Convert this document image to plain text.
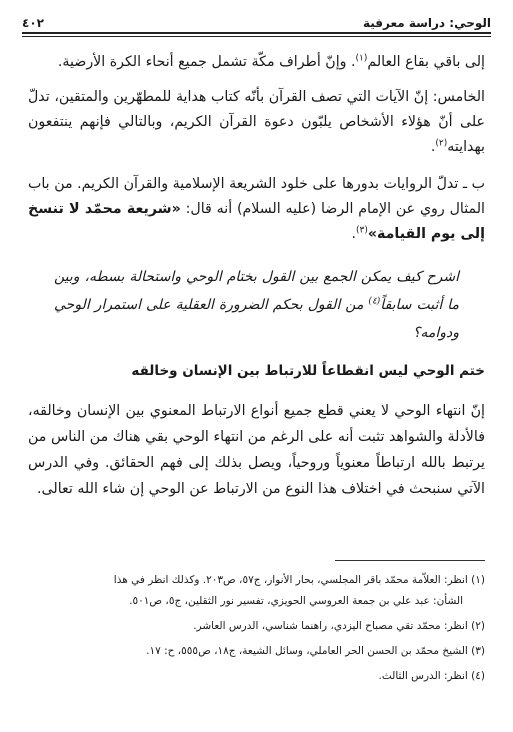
الوحي: دراسة معرفية
٤٠٢

إلى باقي بقاع العالم$^{(١)}$. وإنّ أطراف مكّة تشمل جميع أنحاء الكرة الأرضية.

الخامس: إنّ الآيات التي تصف القرآن بأنّه كتاب هداية للمطهّرين والمتقين، تدلّ على أنّ هؤلاء الأشخاص يلبّون دعوة القرآن الكريم، وبالتالي فإنهم ينتفعون بهدايته$^{(٢)}$.

ب ـ تدلّ الروايات بدورها على خلود الشريعة الإسلامية والقرآن الكريم. من باب المثال روي عن الإمام الرضا (عليه السلام) أنه قال: «شريعة محمّد لا تنسخ إلى يوم القيامة»$^{(٣)}$.

اشرح كيف يمكن الجمع بين القول بختام الوحي واستحالة بسطه، وبين ما أثبت سابقاً$^{(٤)}$ من القول بحكم الضرورة العقلية على استمرار الوحي ودوامه؟

ختم الوحي ليس انقطاعاً للارتباط بين الإنسان وخالقه

إنّ انتهاء الوحي لا يعني قطع جميع أنواع الارتباط المعنوي بين الإنسان وخالقه، فالأدلة والشواهد تثبت أنه على الرغم من انتهاء الوحي بقي هناك من الناس من يرتبط بالله ارتباطاً معنوياً وروحياً، ويصل بذلك إلى فهم الحقائق. وفي الدرس الآتي سنبحث في اختلاف هذا النوع من الارتباط عن الوحي إن شاء الله تعالى.

(١) انظر: العلاّمة محمّد باقر المجلسي، بحار الأنوار، ج٥٧، ص٢٠٣. وكذلك انظر في هذا
الشأن: عبد علي بن جمعة العروسي الحويزي، تفسير نور الثقلين، ج٥، ص٥٠١.
(٢) انظر: محمّد تقي مصباح اليزدي، راهنما شناسي، الدرس العاشر.
(٣) الشيخ محمّد بن الحسن الحر العاملي، وسائل الشيعة، ج١٨، ص٥٥٥، ح: ١٧.
(٤) انظر: الدرس الثالث.
